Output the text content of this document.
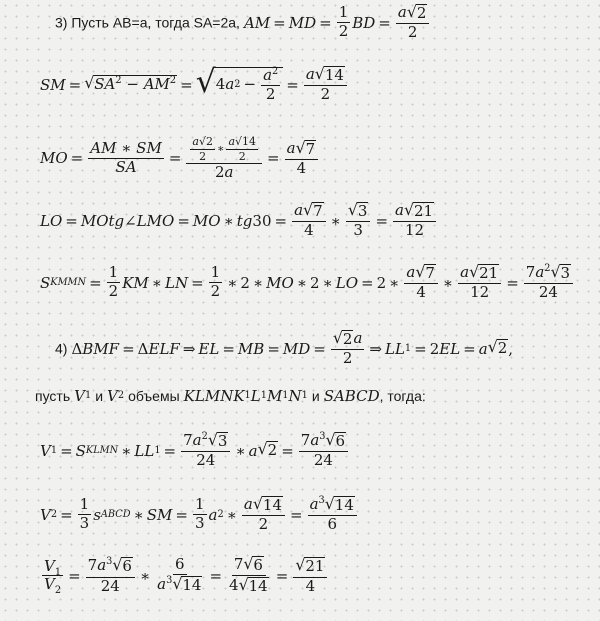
3) Пусть AB=a, тогда SA=2a, AM = MD = $\frac{1}{2}$ BD = $\frac{a √ 2}{2}$
SM = √ $SA^2 - AM^2$ = √ 4 a $2 - \frac{a^2}{2} = \frac{a √ 14}{2}$
MO = $\frac{AM ∗ SM}{SA} = \frac{\frac{a√2}{2} ∗ \frac{a√14}{2}}{2a} = \frac{a √ 7}{4}$
LO = MOtg ∠ LMO = MO ∗ tg $30 = \frac{a √ 7}{4}$ ∗ $\frac{√ 3}{3} = \frac{a √ 21}{12}$
S KMMN = $\frac{1}{2}$ KM ∗ LN = $\frac{1}{2}$ ∗ 2 ∗ MO ∗ 2 ∗ LO = 2 ∗ $\frac{a √ 7}{4}$ ∗ $\frac{a √ 21}{12} = \frac{7a^2 √ 3}{24}$
4) Δ BMF = Δ ELF ⇒ EL = MB = MD = $\frac{√ 2 a}{2}$ ⇒ LL 1 = 2 EL = a √ 2 ,
пусть V 1 и V 2 объемы KLMNK 1 L 1 M 1 N 1 и SABCD , тогда:
V 1 = S KLMN ∗ LL $1 = \frac{7a^2 √ 3}{24}$ ∗ a √ $2 = \frac{7a^3 √ 6}{24}$
V $2 = \frac{1}{3}$ s ABCD ∗ SM = $\frac{1}{3}$ a 2 ∗ $\frac{a √ 14}{2} = \frac{a^3 √ 14}{6}$
$\frac{V_1}{V_2} = \frac{7a^3 √ 6}{24}$ ∗ $\frac{6}{a^3 √ 14} = \frac{7 √ 6}{4 √ 14} = \frac{√ 21}{4}$
